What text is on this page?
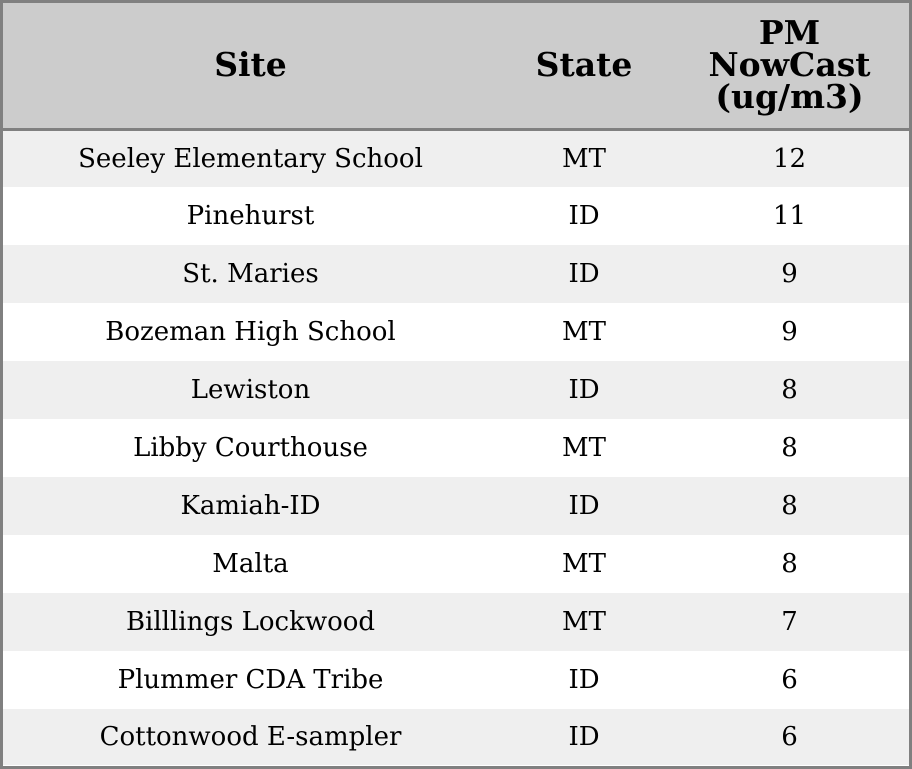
Site	State	PM
NowCast
(ug/m3)

Seeley Elementary School	MT	12
Pinehurst	ID	11
St. Maries	ID	9
Bozeman High School	MT	9
Lewiston	ID	8
Libby Courthouse	MT	8
Kamiah-ID	ID	8
Malta	MT	8
Billlings Lockwood	MT	7
Plummer CDA Tribe	ID	6
Cottonwood E-sampler	ID	6
